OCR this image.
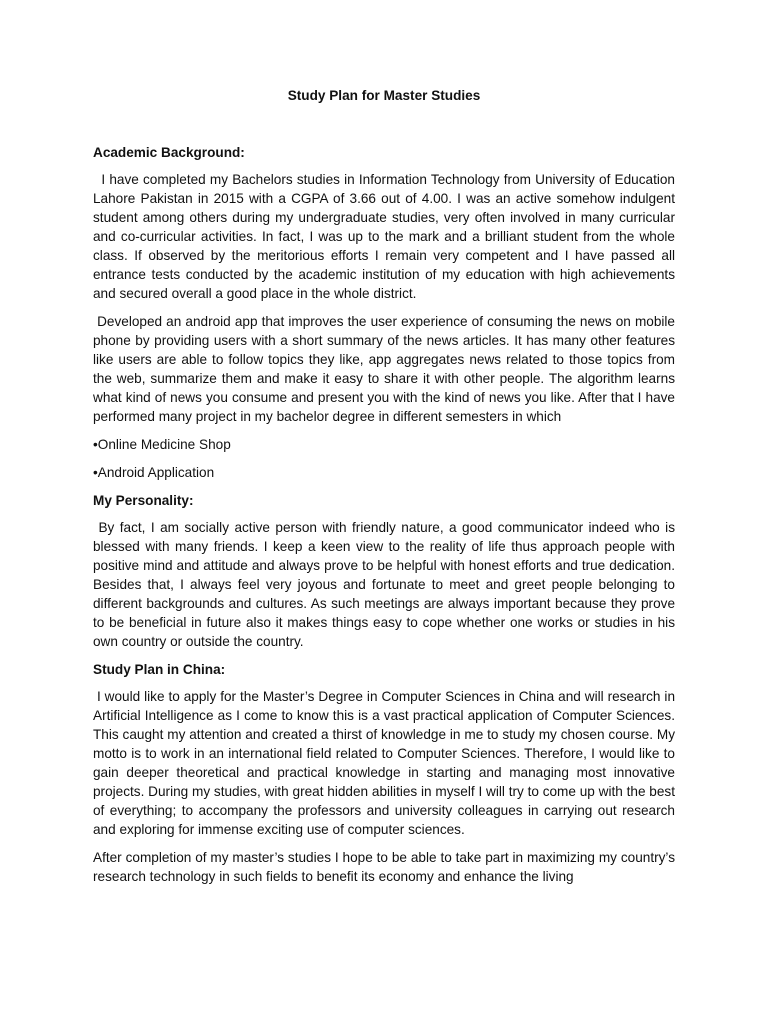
Study Plan for Master Studies
Academic Background:

I have completed my Bachelors studies in Information Technology from University of Education Lahore Pakistan in 2015 with a CGPA of 3.66 out of 4.00. I was an active somehow indulgent student among others during my undergraduate studies, very often involved in many curricular and co-curricular activities. In fact, I was up to the mark and a brilliant student from the whole class. If observed by the meritorious efforts I remain very competent and I have passed all entrance tests conducted by the academic institution of my education with high achievements and secured overall a good place in the whole district.

Developed an android app that improves the user experience of consuming the news on mobile phone by providing users with a short summary of the news articles. It has many other features like users are able to follow topics they like, app aggregates news related to those topics from the web, summarize them and make it easy to share it with other people. The algorithm learns what kind of news you consume and present you with the kind of news you like. After that I have performed many project in my bachelor degree in different semesters in which

•Online Medicine Shop

•Android Application

My Personality:

By fact, I am socially active person with friendly nature, a good communicator indeed who is blessed with many friends. I keep a keen view to the reality of life thus approach people with positive mind and attitude and always prove to be helpful with honest efforts and true dedication. Besides that, I always feel very joyous and fortunate to meet and greet people belonging to different backgrounds and cultures. As such meetings are always important because they prove to be beneficial in future also it makes things easy to cope whether one works or studies in his own country or outside the country.

Study Plan in China:

I would like to apply for the Master’s Degree in Computer Sciences in China and will research in Artificial Intelligence as I come to know this is a vast practical application of Computer Sciences. This caught my attention and created a thirst of knowledge in me to study my chosen course. My motto is to work in an international field related to Computer Sciences. Therefore, I would like to gain deeper theoretical and practical knowledge in starting and managing most innovative projects. During my studies, with great hidden abilities in myself I will try to come up with the best of everything; to accompany the professors and university colleagues in carrying out research and exploring for immense exciting use of computer sciences.

After completion of my master’s studies I hope to be able to take part in maximizing my country’s research technology in such fields to benefit its economy and enhance the living
